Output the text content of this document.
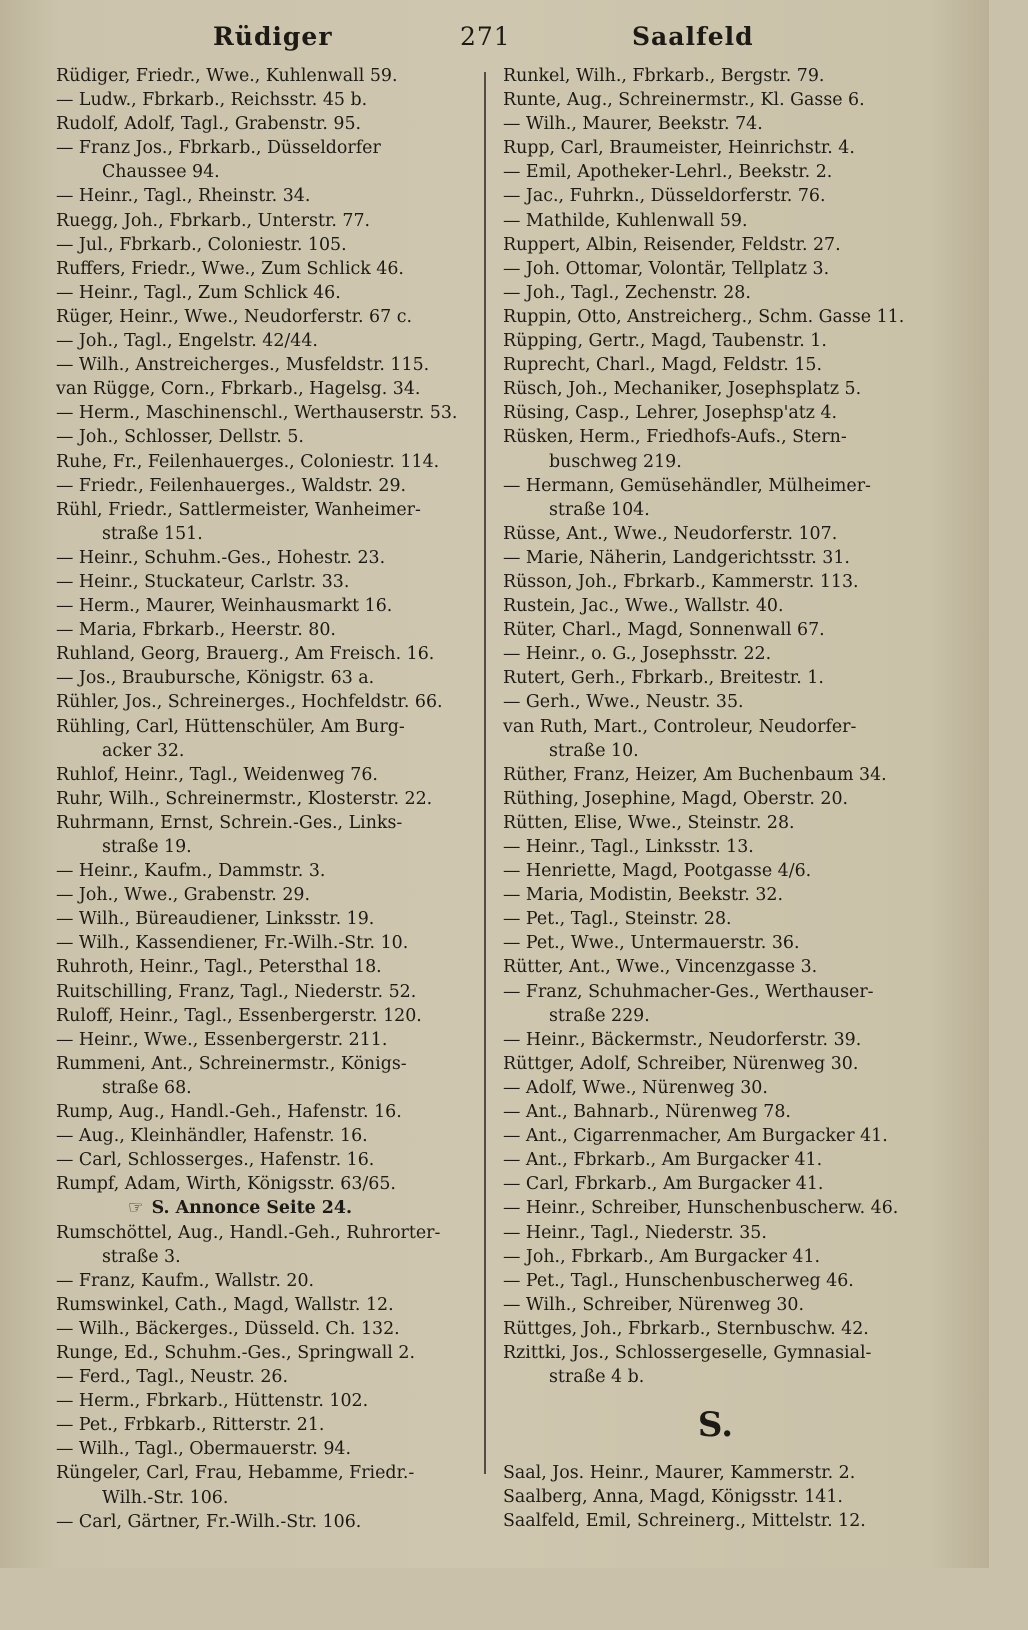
Rüdiger	271	Saalfeld
Rüdiger, Friedr., Wwe., Kuhlenwall 59.
— Ludw., Fbrkarb., Reichsstr. 45 b.
Rudolf, Adolf, Tagl., Grabenstr. 95.
— Franz Jos., Fbrkarb., Düsseldorfer
Chaussee 94.
— Heinr., Tagl., Rheinstr. 34.
Ruegg, Joh., Fbrkarb., Unterstr. 77.
— Jul., Fbrkarb., Coloniestr. 105.
Ruffers, Friedr., Wwe., Zum Schlick 46.
— Heinr., Tagl., Zum Schlick 46.
Rüger, Heinr., Wwe., Neudorferstr. 67 c.
— Joh., Tagl., Engelstr. 42/44.
— Wilh., Anstreicherges., Musfeldstr. 115.
van Rügge, Corn., Fbrkarb., Hagelsg. 34.
— Herm., Maschinenschl., Werthauserstr. 53.
— Joh., Schlosser, Dellstr. 5.
Ruhe, Fr., Feilenhauerges., Coloniestr. 114.
— Friedr., Feilenhauerges., Waldstr. 29.
Rühl, Friedr., Sattlermeister, Wanheimer-
straße 151.
— Heinr., Schuhm.-Ges., Hohestr. 23.
— Heinr., Stuckateur, Carlstr. 33.
— Herm., Maurer, Weinhausmarkt 16.
— Maria, Fbrkarb., Heerstr. 80.
Ruhland, Georg, Brauerg., Am Freisch. 16.
— Jos., Braubursche, Königstr. 63 a.
Rühler, Jos., Schreinerges., Hochfeldstr. 66.
Rühling, Carl, Hüttenschüler, Am Burg-
acker 32.
Ruhlof, Heinr., Tagl., Weidenweg 76.
Ruhr, Wilh., Schreinermstr., Klosterstr. 22.
Ruhrmann, Ernst, Schrein.-Ges., Links-
straße 19.
— Heinr., Kaufm., Dammstr. 3.
— Joh., Wwe., Grabenstr. 29.
— Wilh., Büreaudiener, Linksstr. 19.
— Wilh., Kassendiener, Fr.-Wilh.-Str. 10.
Ruhroth, Heinr., Tagl., Petersthal 18.
Ruitschilling, Franz, Tagl., Niederstr. 52.
Ruloff, Heinr., Tagl., Essenbergerstr. 120.
— Heinr., Wwe., Essenbergerstr. 211.
Rummeni, Ant., Schreinermstr., Königs-
straße 68.
Rump, Aug., Handl.-Geh., Hafenstr. 16.
— Aug., Kleinhändler, Hafenstr. 16.
— Carl, Schlosserges., Hafenstr. 16.
Rumpf, Adam, Wirth, Königsstr. 63/65.
☞ S. Annonce Seite 24.
Rumschöttel, Aug., Handl.-Geh., Ruhrorter-
straße 3.
— Franz, Kaufm., Wallstr. 20.
Rumswinkel, Cath., Magd, Wallstr. 12.
— Wilh., Bäckerges., Düsseld. Ch. 132.
Runge, Ed., Schuhm.-Ges., Springwall 2.
— Ferd., Tagl., Neustr. 26.
— Herm., Fbrkarb., Hüttenstr. 102.
— Pet., Frbkarb., Ritterstr. 21.
— Wilh., Tagl., Obermauerstr. 94.
Rüngeler, Carl, Frau, Hebamme, Friedr.-
Wilh.-Str. 106.
— Carl, Gärtner, Fr.-Wilh.-Str. 106.
Runkel, Wilh., Fbrkarb., Bergstr. 79.
Runte, Aug., Schreinermstr., Kl. Gasse 6.
— Wilh., Maurer, Beekstr. 74.
Rupp, Carl, Braumeister, Heinrichstr. 4.
— Emil, Apotheker-Lehrl., Beekstr. 2.
— Jac., Fuhrkn., Düsseldorferstr. 76.
— Mathilde, Kuhlenwall 59.
Ruppert, Albin, Reisender, Feldstr. 27.
— Joh. Ottomar, Volontär, Tellplatz 3.
— Joh., Tagl., Zechenstr. 28.
Ruppin, Otto, Anstreicherg., Schm. Gasse 11.
Rüpping, Gertr., Magd, Taubenstr. 1.
Ruprecht, Charl., Magd, Feldstr. 15.
Rüsch, Joh., Mechaniker, Josephsplatz 5.
Rüsing, Casp., Lehrer, Josephsp'atz 4.
Rüsken, Herm., Friedhofs-Aufs., Stern-
buschweg 219.
— Hermann, Gemüsehändler, Mülheimer-
straße 104.
Rüsse, Ant., Wwe., Neudorferstr. 107.
— Marie, Näherin, Landgerichtsstr. 31.
Rüsson, Joh., Fbrkarb., Kammerstr. 113.
Rustein, Jac., Wwe., Wallstr. 40.
Rüter, Charl., Magd, Sonnenwall 67.
— Heinr., o. G., Josephsstr. 22.
Rutert, Gerh., Fbrkarb., Breitestr. 1.
— Gerh., Wwe., Neustr. 35.
van Ruth, Mart., Controleur, Neudorfer-
straße 10.
Rüther, Franz, Heizer, Am Buchenbaum 34.
Rüthing, Josephine, Magd, Oberstr. 20.
Rütten, Elise, Wwe., Steinstr. 28.
— Heinr., Tagl., Linksstr. 13.
— Henriette, Magd, Pootgasse 4/6.
— Maria, Modistin, Beekstr. 32.
— Pet., Tagl., Steinstr. 28.
— Pet., Wwe., Untermauerstr. 36.
Rütter, Ant., Wwe., Vincenzgasse 3.
— Franz, Schuhmacher-Ges., Werthauser-
straße 229.
— Heinr., Bäckermstr., Neudorferstr. 39.
Rüttger, Adolf, Schreiber, Nürenweg 30.
— Adolf, Wwe., Nürenweg 30.
— Ant., Bahnarb., Nürenweg 78.
— Ant., Cigarrenmacher, Am Burgacker 41.
— Ant., Fbrkarb., Am Burgacker 41.
— Carl, Fbrkarb., Am Burgacker 41.
— Heinr., Schreiber, Hunschenbuscherw. 46.
— Heinr., Tagl., Niederstr. 35.
— Joh., Fbrkarb., Am Burgacker 41.
— Pet., Tagl., Hunschenbuscherweg 46.
— Wilh., Schreiber, Nürenweg 30.
Rüttges, Joh., Fbrkarb., Sternbuschw. 42.
Rzittki, Jos., Schlossergeselle, Gymnasial-
straße 4 b.
S.
Saal, Jos. Heinr., Maurer, Kammerstr. 2.
Saalberg, Anna, Magd, Königsstr. 141.
Saalfeld, Emil, Schreinerg., Mittelstr. 12.
